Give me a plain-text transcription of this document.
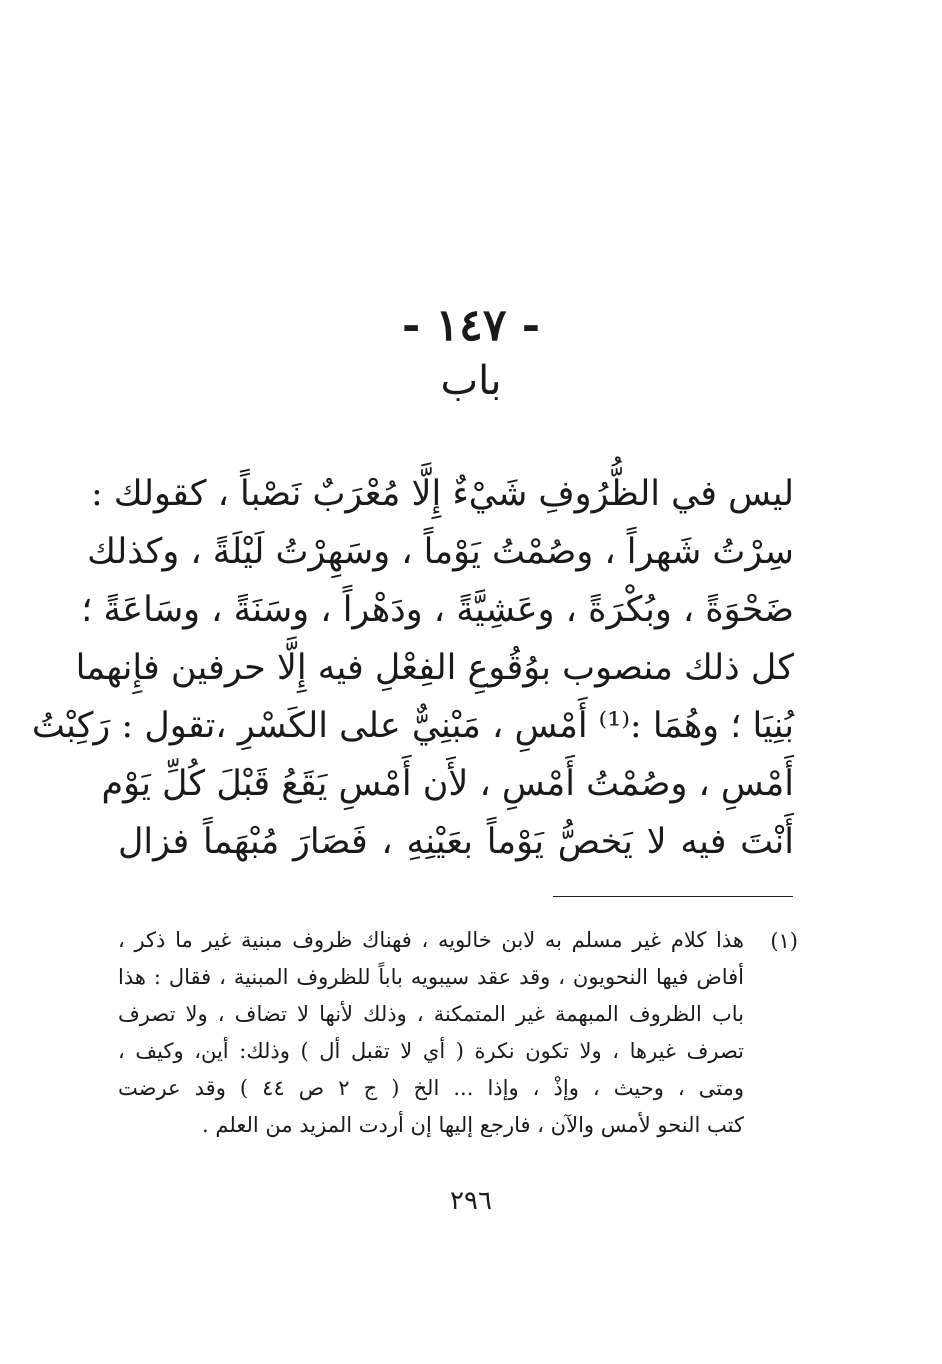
- ١٤٧ -
باب
ليس في الظُّرُوفِ شَيْءٌ إِلَّا مُعْرَبٌ نَصْباً ، كقولك :
سِرْتُ شَهراً ، وصُمْتُ يَوْماً ، وسَهِرْتُ لَيْلَةً ، وكذلك
ضَحْوَةً ، وبُكْرَةً ، وعَشِيَّةً ، ودَهْراً ، وسَنَةً ، وسَاعَةً ؛
كل ذلك منصوب بوُقُوعِ الفِعْلِ فيه إِلَّا حرفين فإِنهما
بُنِيَا ؛ وهُمَا :⁽¹⁾ أَمْسِ ، مَبْنِيٌّ على الكَسْرِ ،تقول : رَكِبْتُ
أَمْسِ ، وصُمْتُ أَمْسِ ، لأَن أَمْسِ يَقَعُ قَبْلَ كُلِّ يَوْم
أَنْتَ فيه لا يَخصُّ يَوْماً بعَيْنِهِ ، فَصَارَ مُبْهَماً فزال
(١)
هذا كلام غير مسلم به لابن خالويه ، فهناك ظروف مبنية غير ما ذكر ،
أفاض فيها النحويون ، وقد عقد سيبويه باباً للظروف المبنية ، فقال : هذا
باب الظروف المبهمة غير المتمكنة ، وذلك لأنها لا تضاف ، ولا تصرف
تصرف غيرها ، ولا تكون نكرة ( أي لا تقبل أل ) وذلك: أين، وكيف ،
ومتى ، وحيث ، وإذْ ، وإذا ... الخ ( ج ٢ ص ٤٤ ) وقد عرضت
كتب النحو لأمس والآن ، فارجع إليها إن أردت المزيد من العلم .
٢٩٦
